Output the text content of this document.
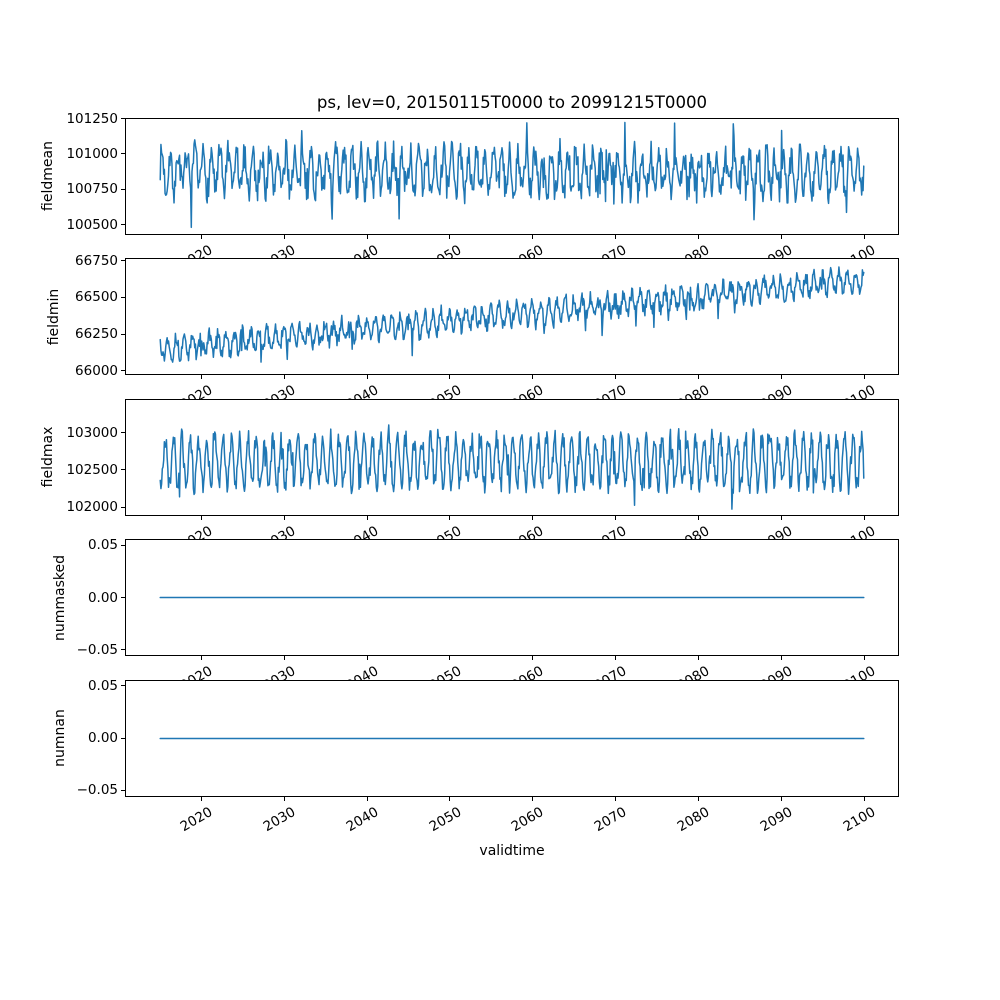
ps, lev=0, 20150115T0000 to 20991215T0000
fieldmean
100500
100750
101000
101250
fieldmin
66000
66250
66500
66750
fieldmax
102000
102500
103000
nummasked
−0.05
0.00
0.05
numnan
−0.05
0.00
0.05
2020	2030	2040	2050	2060	2070	2080	2090	2100
validtime
